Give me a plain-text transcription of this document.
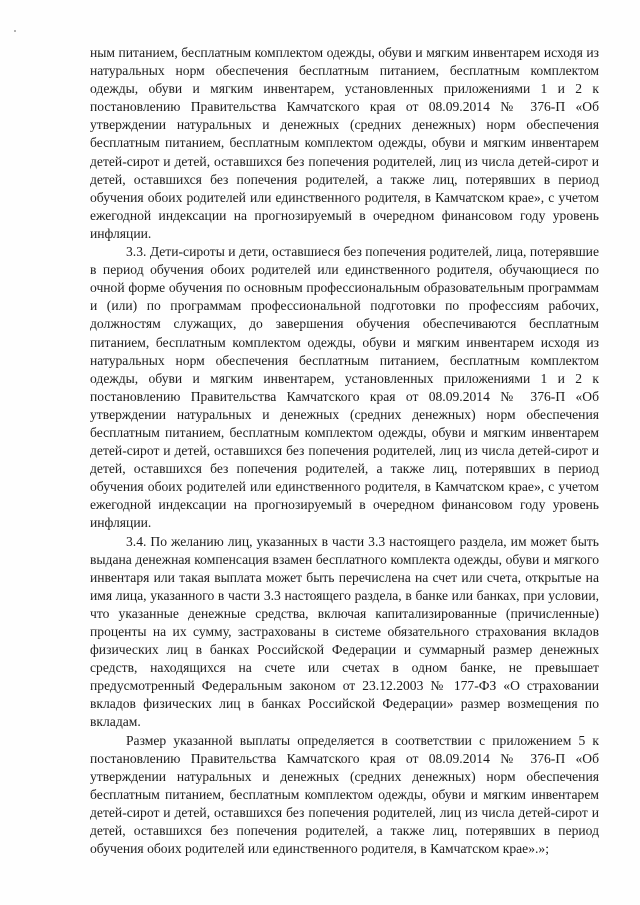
ным питанием, бесплатным комплектом одежды, обуви и мягким инвентарем исходя из натуральных норм обеспечения бесплатным питанием, бесплатным комплектом одежды, обуви и мягким инвентарем, установленных приложениями 1 и 2 к постановлению Правительства Камчатского края от 08.09.2014 № 376-П «Об утверждении натуральных и денежных (средних денежных) норм обеспечения бесплатным питанием, бесплатным комплектом одежды, обуви и мягким инвентарем детей-сирот и детей, оставшихся без попечения родителей, лиц из числа детей-сирот и детей, оставшихся без попечения родителей, а также лиц, потерявших в период обучения обоих родителей или единственного родителя, в Камчатском крае», с учетом ежегодной индексации на прогнозируемый в очередном финансовом году уровень инфляции.

3.3. Дети-сироты и дети, оставшиеся без попечения родителей, лица, потерявшие в период обучения обоих родителей или единственного родителя, обучающиеся по очной форме обучения по основным профессиональным образовательным программам и (или) по программам профессиональной подготовки по профессиям рабочих, должностям служащих, до завершения обучения обеспечиваются бесплатным питанием, бесплатным комплектом одежды, обуви и мягким инвентарем исходя из натуральных норм обеспечения бесплатным питанием, бесплатным комплектом одежды, обуви и мягким инвентарем, установленных приложениями 1 и 2 к постановлению Правительства Камчатского края от 08.09.2014 № 376-П «Об утверждении натуральных и денежных (средних денежных) норм обеспечения бесплатным питанием, бесплатным комплектом одежды, обуви и мягким инвентарем детей-сирот и детей, оставшихся без попечения родителей, лиц из числа детей-сирот и детей, оставшихся без попечения родителей, а также лиц, потерявших в период обучения обоих родителей или единственного родителя, в Камчатском крае», с учетом ежегодной индексации на прогнозируемый в очередном финансовом году уровень инфляции.

3.4. По желанию лиц, указанных в части 3.3 настоящего раздела, им может быть выдана денежная компенсация взамен бесплатного комплекта одежды, обуви и мягкого инвентаря или такая выплата может быть перечислена на счет или счета, открытые на имя лица, указанного в части 3.3 настоящего раздела, в банке или банках, при условии, что указанные денежные средства, включая капитализированные (причисленные) проценты на их сумму, застрахованы в системе обязательного страхования вкладов физических лиц в банках Российской Федерации и суммарный размер денежных средств, находящихся на счете или счетах в одном банке, не превышает предусмотренный Федеральным законом от 23.12.2003 № 177-ФЗ «О страховании вкладов физических лиц в банках Российской Федерации» размер возмещения по вкладам.

Размер указанной выплаты определяется в соответствии с приложением 5 к постановлению Правительства Камчатского края от 08.09.2014 № 376-П «Об утверждении натуральных и денежных (средних денежных) норм обеспечения бесплатным питанием, бесплатным комплектом одежды, обуви и мягким инвентарем детей-сирот и детей, оставшихся без попечения родителей, лиц из числа детей-сирот и детей, оставшихся без попечения родителей, а также лиц, потерявших в период обучения обоих родителей или единственного родителя, в Камчатском крае».»;
